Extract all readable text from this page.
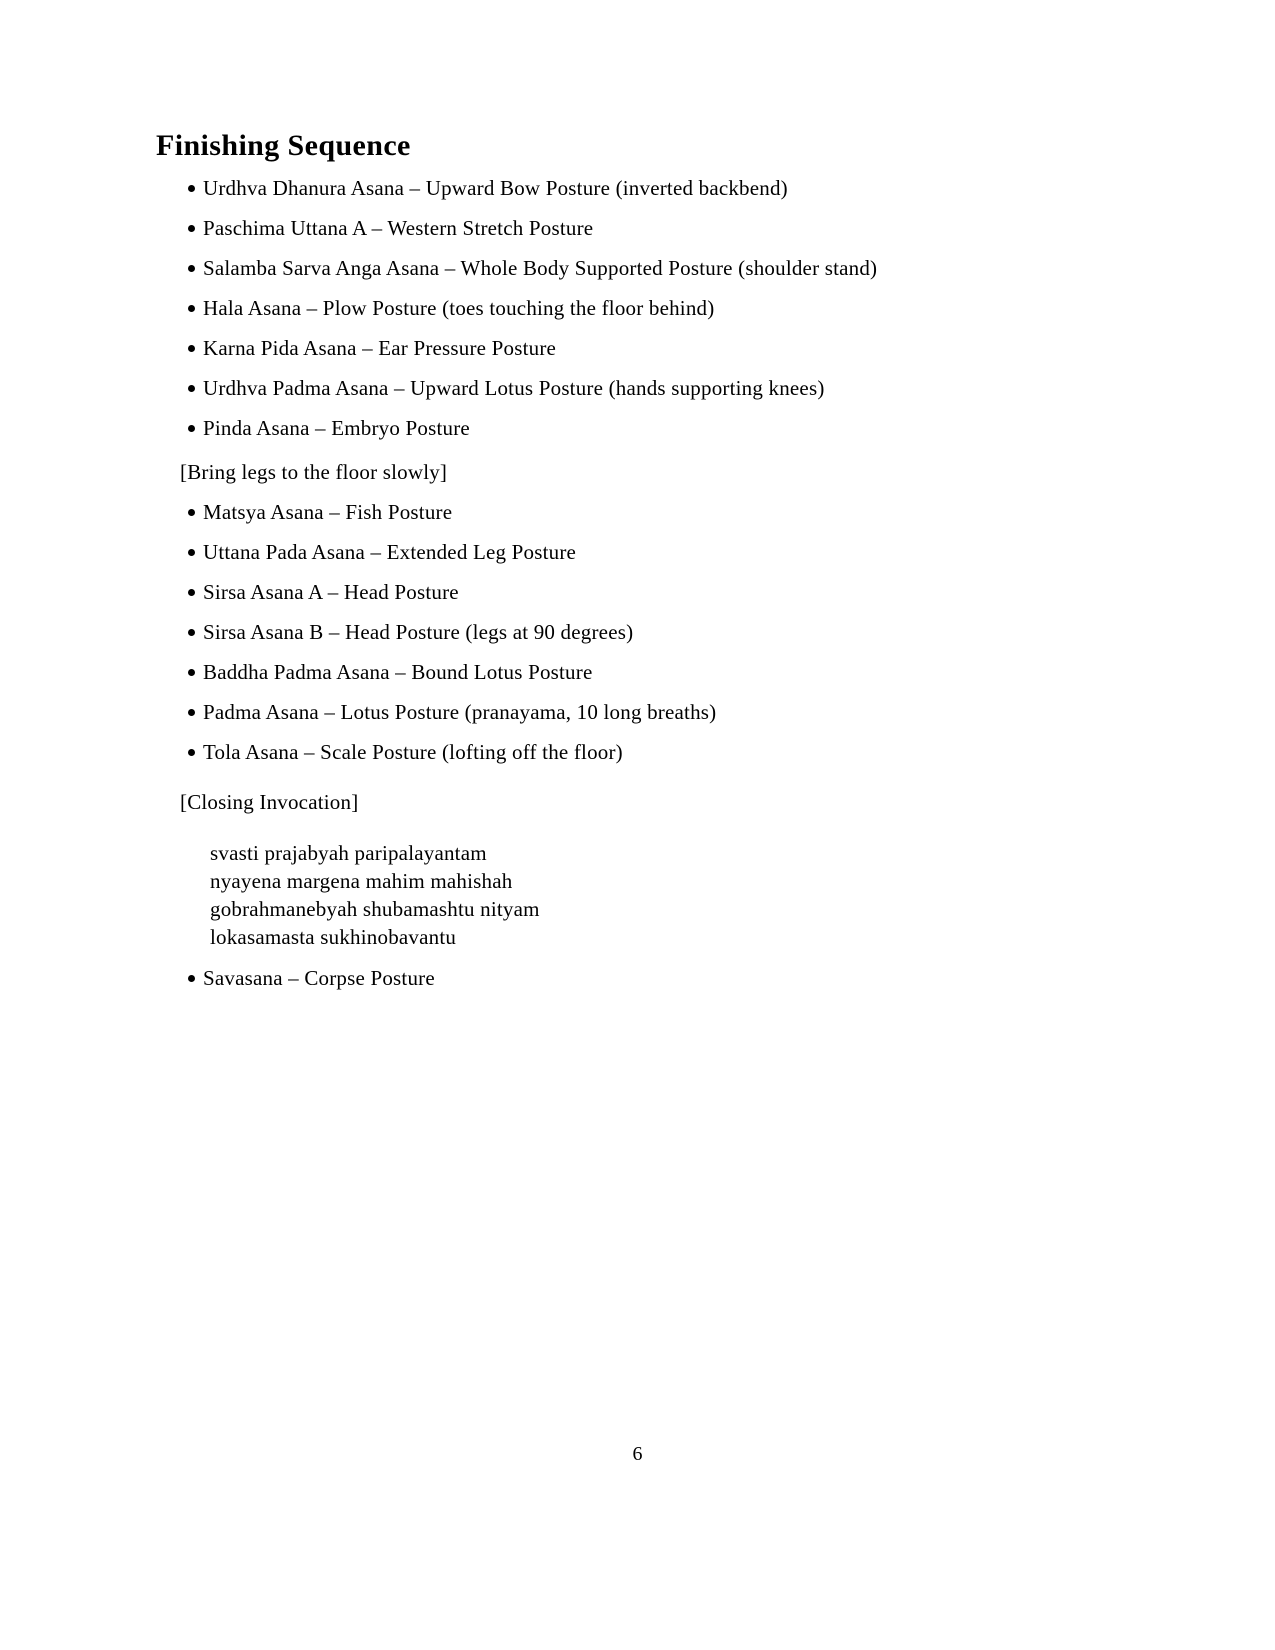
Finishing Sequence
Urdhva Dhanura Asana – Upward Bow Posture (inverted backbend)
Paschima Uttana A – Western Stretch Posture
Salamba Sarva Anga Asana – Whole Body Supported Posture (shoulder stand)
Hala Asana – Plow Posture (toes touching the floor behind)
Karna Pida Asana – Ear Pressure Posture
Urdhva Padma Asana – Upward Lotus Posture (hands supporting knees)
Pinda Asana – Embryo Posture

[Bring legs to the floor slowly]

Matsya Asana – Fish Posture
Uttana Pada Asana – Extended Leg Posture
Sirsa Asana A – Head Posture
Sirsa Asana B – Head Posture (legs at 90 degrees)
Baddha Padma Asana – Bound Lotus Posture
Padma Asana – Lotus Posture (pranayama, 10 long breaths)
Tola Asana – Scale Posture (lofting off the floor)

[Closing Invocation]

svasti prajabyah paripalayantam
nyayena margena mahim mahishah
gobrahmanebyah shubamashtu nityam
lokasamasta sukhinobavantu
Savasana – Corpse Posture
6
